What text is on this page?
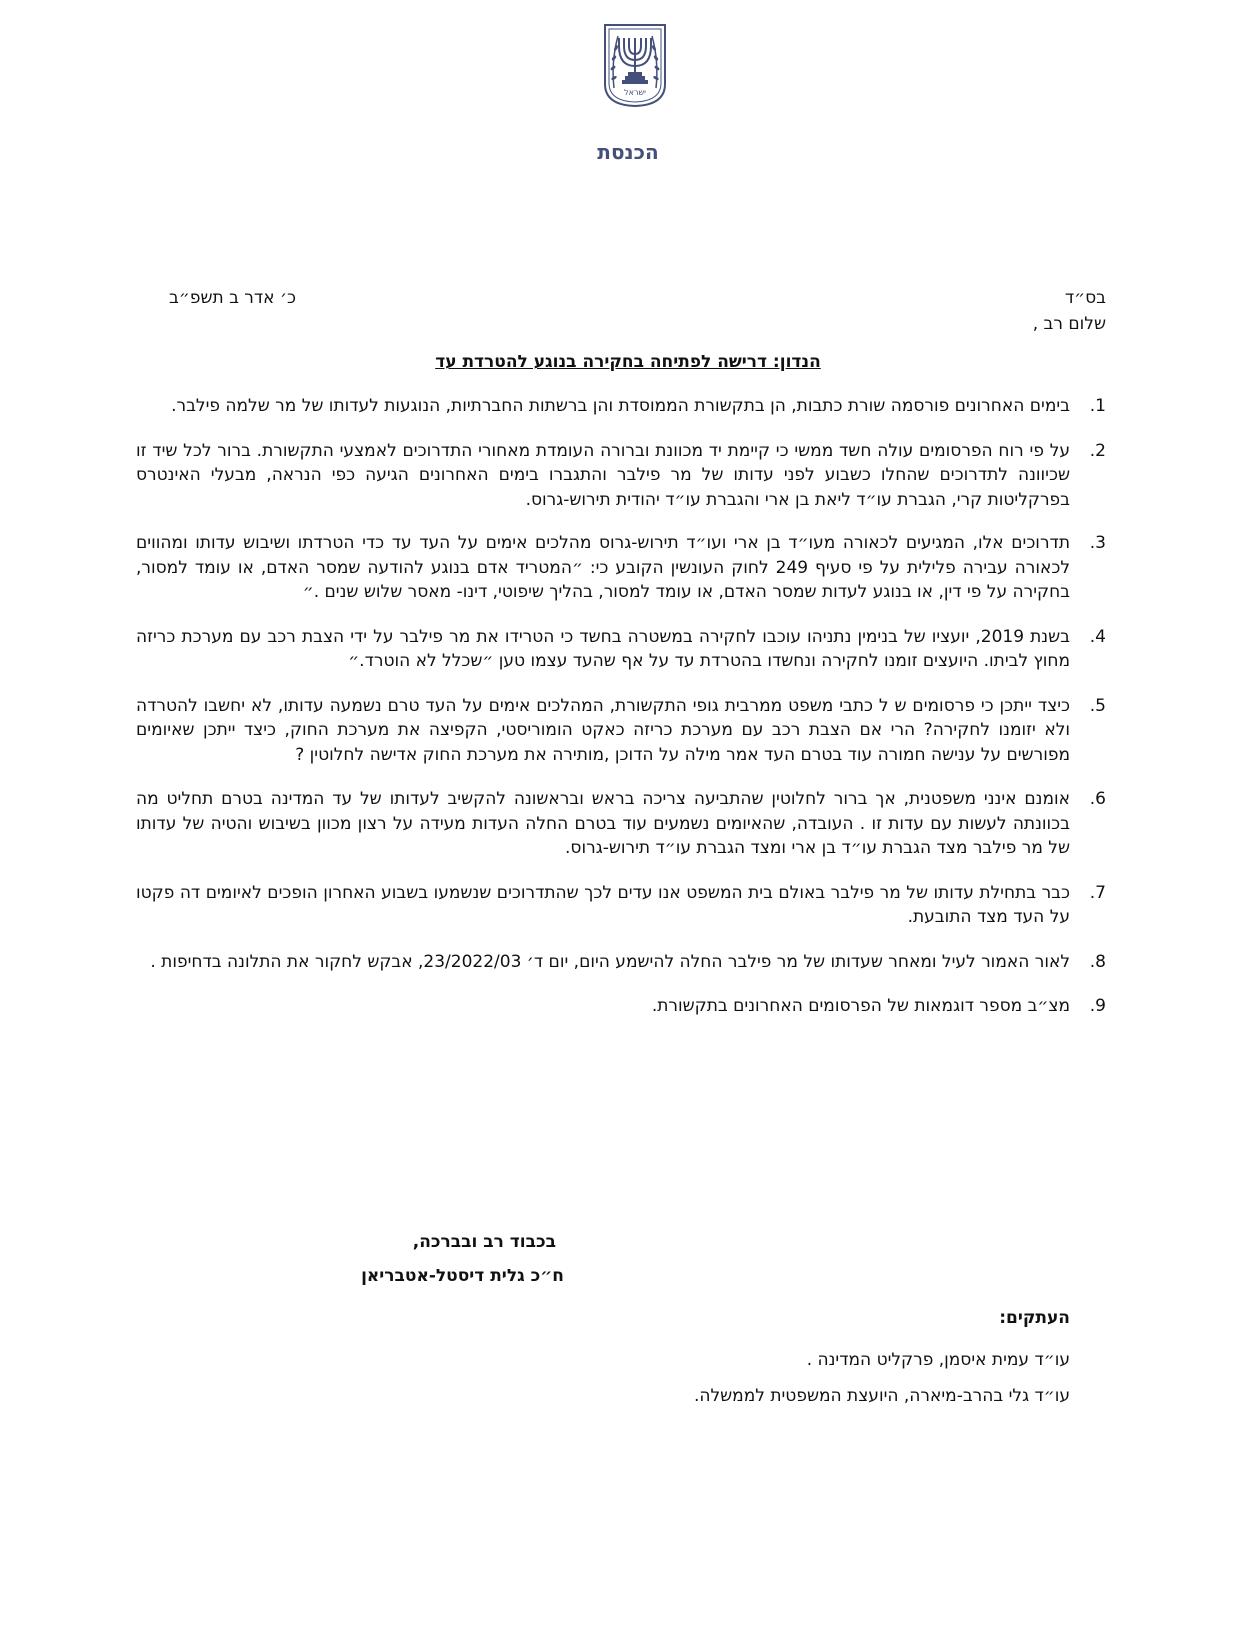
ישראל
הכנסת
בס״ד
כ׳ אדר ב תשפ״ב
שלום רב ,
הנדון: דרישה לפתיחה בחקירה בנוגע להטרדת עד
1.
בימים האחרונים פורסמה שורת כתבות, הן בתקשורת הממוסדת והן ברשתות החברתיות, הנוגעות לעדותו של מר שלמה פילבר.
2.
על פי רוח הפרסומים עולה חשד ממשי כי קיימת יד מכוונת וברורה העומדת מאחורי התדרוכים לאמצעי התקשורת. ברור לכל שיד זו שכיוונה לתדרוכים שהחלו כשבוע לפני עדותו של מר פילבר והתגברו בימים האחרונים הגיעה כפי הנראה, מבעלי האינטרס בפרקליטות קרי, הגברת עו״ד ליאת בן ארי והגברת עו״ד יהודית תירוש-גרוס.
3.
תדרוכים אלו, המגיעים לכאורה מעו״ד בן ארי ועו״ד תירוש-גרוס מהלכים אימים על העד עד כדי הטרדתו ושיבוש עדותו ומהווים לכאורה עבירה פלילית על פי סעיף 249 לחוק העונשין הקובע כי: ״המטריד אדם בנוגע להודעה שמסר האדם, או עומד למסור, בחקירה על פי דין, או בנוגע לעדות שמסר האדם, או עומד למסור, בהליך שיפוטי, דינו- מאסר שלוש שנים .״
4.
בשנת 2019, יועציו של בנימין נתניהו עוכבו לחקירה במשטרה בחשד כי הטרידו את מר פילבר על ידי הצבת רכב עם מערכת כריזה מחוץ לביתו. היועצים זומנו לחקירה ונחשדו בהטרדת עד על אף שהעד עצמו טען ״שכלל לא הוטרד.״
5.
כיצד ייתכן כי פרסומים ש ל כתבי משפט ממרבית גופי התקשורת, המהלכים אימים על העד טרם נשמעה עדותו, לא יחשבו להטרדה ולא יזומנו לחקירה? הרי אם הצבת רכב עם מערכת כריזה כאקט הומוריסטי, הקפיצה את מערכת החוק, כיצד ייתכן שאיומים מפורשים על ענישה חמורה עוד בטרם העד אמר מילה על הדוכן ,מותירה את מערכת החוק אדישה לחלוטין ?
6.
אומנם אינני משפטנית, אך ברור לחלוטין שהתביעה צריכה בראש ובראשונה להקשיב לעדותו של עד המדינה בטרם תחליט מה בכוונתה לעשות עם עדות זו . העובדה, שהאיומים נשמעים עוד בטרם החלה העדות מעידה על רצון מכוון בשיבוש והטיה של עדותו של מר פילבר מצד הגברת עו״ד בן ארי ומצד הגברת עו״ד תירוש-גרוס.
7.
כבר בתחילת עדותו של מר פילבר באולם בית המשפט אנו עדים לכך שהתדרוכים שנשמעו בשבוע האחרון הופכים לאיומים דה פקטו על העד מצד התובעת.
8.
לאור האמור לעיל ומאחר שעדותו של מר פילבר החלה להישמע היום, יום ד׳ 23/2022/03, אבקש לחקור את התלונה בדחיפות .
9.
מצ״ב מספר דוגמאות של הפרסומים האחרונים בתקשורת.
בכבוד רב ובברכה,
ח״כ גלית דיסטל-אטבריאן
העתקים:
עו״ד עמית איסמן, פרקליט המדינה .
עו״ד גלי בהרב-מיארה, היועצת המשפטית לממשלה.
